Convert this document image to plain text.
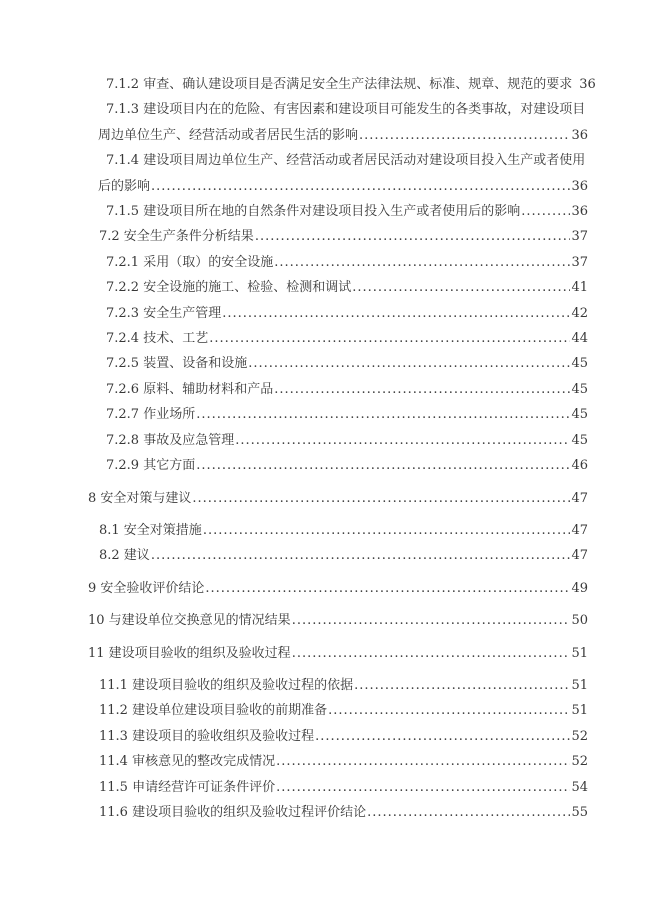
7.1.2 审查、确认建设项目是否满足安全生产法律法规、标准、规章、规范的要求 36
7.1.3 建设项目内在的危险、有害因素和建设项目可能发生的各类事故，对建设项目
周边单位生产、经营活动或者居民生活的影响 .....	36
7.1.4 建设项目周边单位生产、经营活动或者居民活动对建设项目投入生产或者使用
后的影响 .....	36
7.1.5 建设项目所在地的自然条件对建设项目投入生产或者使用后的影响 .....	36
7.2 安全生产条件分析结果 .....	37
7.2.1 采用（取）的安全设施 .....	37
7.2.2 安全设施的施工、检验、检测和调试 .....	41
7.2.3 安全生产管理 .....	42
7.2.4 技术、工艺 .....	44
7.2.5 装置、设备和设施 .....	45
7.2.6 原料、辅助材料和产品 .....	45
7.2.7 作业场所 .....	45
7.2.8 事故及应急管理 .....	45
7.2.9 其它方面 .....	46
8 安全对策与建议 .....	47
8.1 安全对策措施 .....	47
8.2 建议 .....	47
9 安全验收评价结论 .....	49
10 与建设单位交换意见的情况结果 .....	50
11 建设项目验收的组织及验收过程 .....	51
11.1 建设项目验收的组织及验收过程的依据 .....	51
11.2 建设单位建设项目验收的前期准备 .....	51
11.3 建设项目的验收组织及验收过程 .....	52
11.4 审核意见的整改完成情况 .....	52
11.5 申请经营许可证条件评价 .....	54
11.6 建设项目验收的组织及验收过程评价结论 .....	55
